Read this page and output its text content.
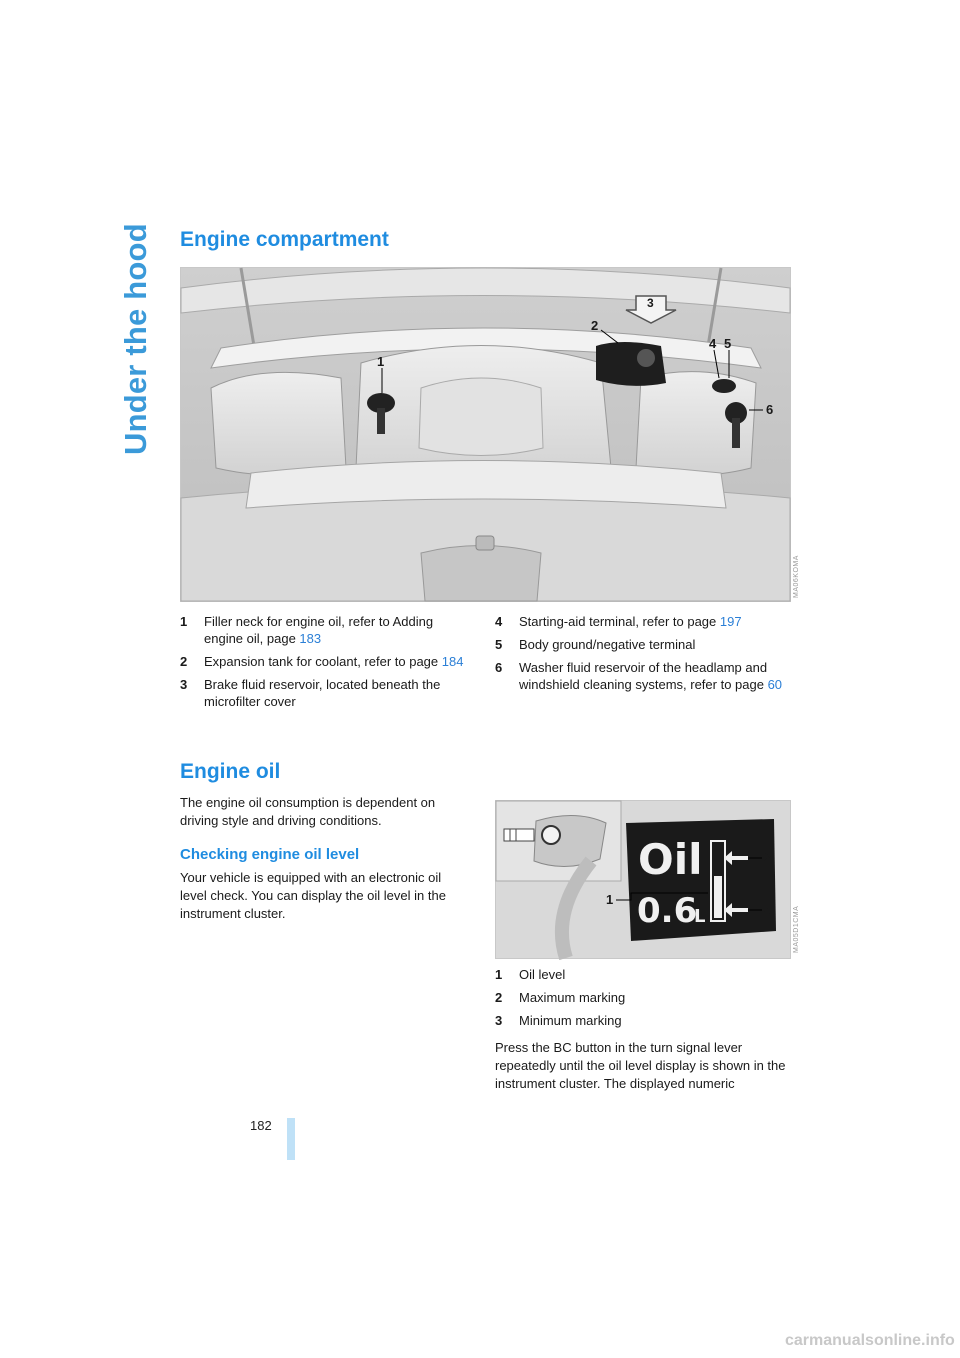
Under the hood Engine compartment
1
2
3
4 5
6
MA06KOMA
1 Filler neck for engine oil, refer to Adding engine oil, page 183
2 Expansion tank for coolant, refer to page 184
3 Brake fluid reservoir, located beneath the microfilter cover
4 Starting-aid terminal, refer to page 197
5 Body ground/negative terminal
6 Washer fluid reservoir of the headlamp and windshield cleaning systems, refer to page 60
Engine oil

The engine oil consumption is dependent on driving style and driving conditions.

Checking engine oil level

Your vehicle is equipped with an electronic oil level check. You can display the oil level in the instrument cluster.

Oil
0.6
L
1
2
3	MA05D1CMA
1 Oil level
2 Maximum marking
3 Minimum marking

Press the BC button in the turn signal lever repeatedly until the oil level display is shown in the instrument cluster. The displayed numeric

182
carmanualsonline.info
